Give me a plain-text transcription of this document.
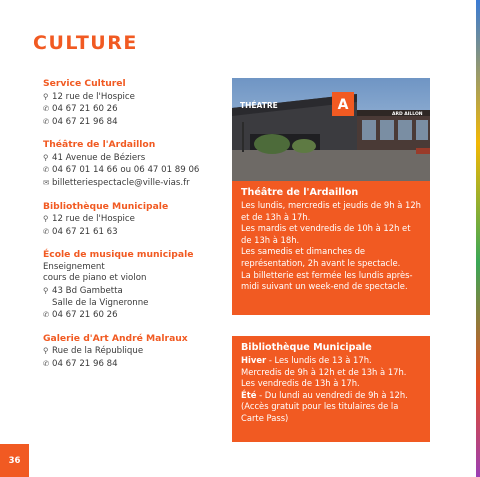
CULTURE
Service Culturel
⚲ 12 rue de l'Hospice
✆ 04 67 21 60 26
✆ 04 67 21 96 84
Théâtre de l'Ardaillon
⚲ 41 Avenue de Béziers
✆ 04 67 01 14 66 ou 06 47 01 89 06
✉ billetteriespectacle@ville-vias.fr
Bibliothèque Municipale
⚲ 12 rue de l'Hospice
✆ 04 67 21 61 63
École de musique municipale
Enseignement
cours de piano et violon
⚲ 43 Bd Gambetta
Salle de la Vigneronne
✆ 04 67 21 60 26
Galerie d'Art André Malraux
⚲ Rue de la République
✆ 04 67 21 96 84
A
THÉATRE
ARD AILLON
Théâtre de l'Ardaillon
Les lundis, mercredis et jeudis de 9h à 12h et de 13h à 17h.
Les mardis et vendredis de 10h à 12h et de 13h à 18h.
Les samedis et dimanches de représentation, 2h avant le spectacle.
La billetterie est fermée les lundis après-midi suivant un week-end de spectacle.
Bibliothèque Municipale
Hiver - Les lundis de 13 à 17h.
Mercredis de 9h à 12h et de 13h à 17h.
Les vendredis de 13h à 17h.
Été - Du lundi au vendredi de 9h à 12h. (Accès gratuit pour les titulaires de la Carte Pass)
36
